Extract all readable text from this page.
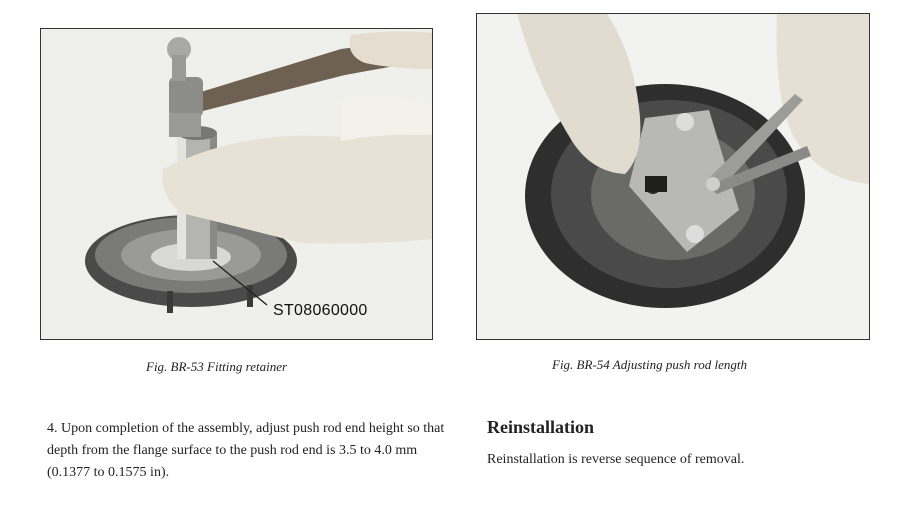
ST08060000
Fig. BR-53 Fitting retainer	Fig. BR-54 Adjusting push rod length
4. Upon completion of the assembly, adjust push rod end height so that depth from the flange surface to the push rod end is 3.5 to 4.0 mm (0.1377 to 0.1575 in).
Reinstallation
Reinstallation is reverse sequence of removal.
